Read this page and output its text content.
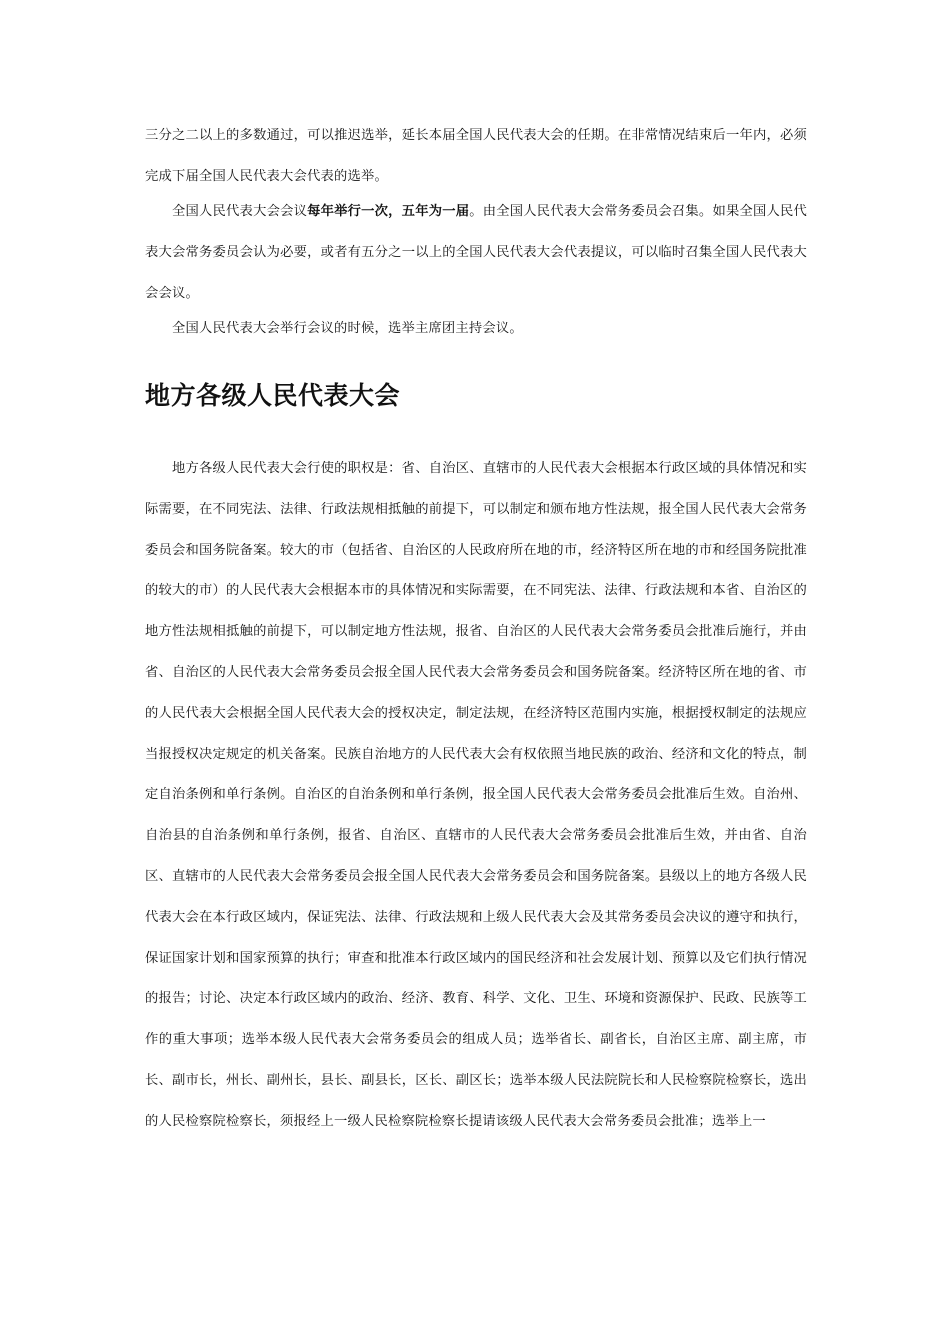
三分之二以上的多数通过，可以推迟选举，延长本届全国人民代表大会的任期。在非常情况结束后一年内，必须完成下届全国人民代表大会代表的选举。

全国人民代表大会会议每年举行一次，五年为一届。由全国人民代表大会常务委员会召集。如果全国人民代表大会常务委员会认为必要，或者有五分之一以上的全国人民代表大会代表提议，可以临时召集全国人民代表大会会议。

全国人民代表大会举行会议的时候，选举主席团主持会议。

地方各级人民代表大会

地方各级人民代表大会行使的职权是：省、自治区、直辖市的人民代表大会根据本行政区域的具体情况和实际需要，在不同宪法、法律、行政法规相抵触的前提下，可以制定和颁布地方性法规，报全国人民代表大会常务委员会和国务院备案。较大的市（包括省、自治区的人民政府所在地的市，经济特区所在地的市和经国务院批准的较大的市）的人民代表大会根据本市的具体情况和实际需要，在不同宪法、法律、行政法规和本省、自治区的地方性法规相抵触的前提下，可以制定地方性法规，报省、自治区的人民代表大会常务委员会批准后施行，并由省、自治区的人民代表大会常务委员会报全国人民代表大会常务委员会和国务院备案。经济特区所在地的省、市的人民代表大会根据全国人民代表大会的授权决定，制定法规，在经济特区范围内实施，根据授权制定的法规应当报授权决定规定的机关备案。民族自治地方的人民代表大会有权依照当地民族的政治、经济和文化的特点，制定自治条例和单行条例。自治区的自治条例和单行条例，报全国人民代表大会常务委员会批准后生效。自治州、自治县的自治条例和单行条例，报省、自治区、直辖市的人民代表大会常务委员会批准后生效，并由省、自治区、直辖市的人民代表大会常务委员会报全国人民代表大会常务委员会和国务院备案。县级以上的地方各级人民代表大会在本行政区域内，保证宪法、法律、行政法规和上级人民代表大会及其常务委员会决议的遵守和执行，保证国家计划和国家预算的执行；审查和批准本行政区域内的国民经济和社会发展计划、预算以及它们执行情况的报告；讨论、决定本行政区域内的政治、经济、教育、科学、文化、卫生、环境和资源保护、民政、民族等工作的重大事项；选举本级人民代表大会常务委员会的组成人员；选举省长、副省长，自治区主席、副主席，市长、副市长，州长、副州长，县长、副县长，区长、副区长；选举本级人民法院院长和人民检察院检察长，选出的人民检察院检察长，须报经上一级人民检察院检察长提请该级人民代表大会常务委员会批准；选举上一
